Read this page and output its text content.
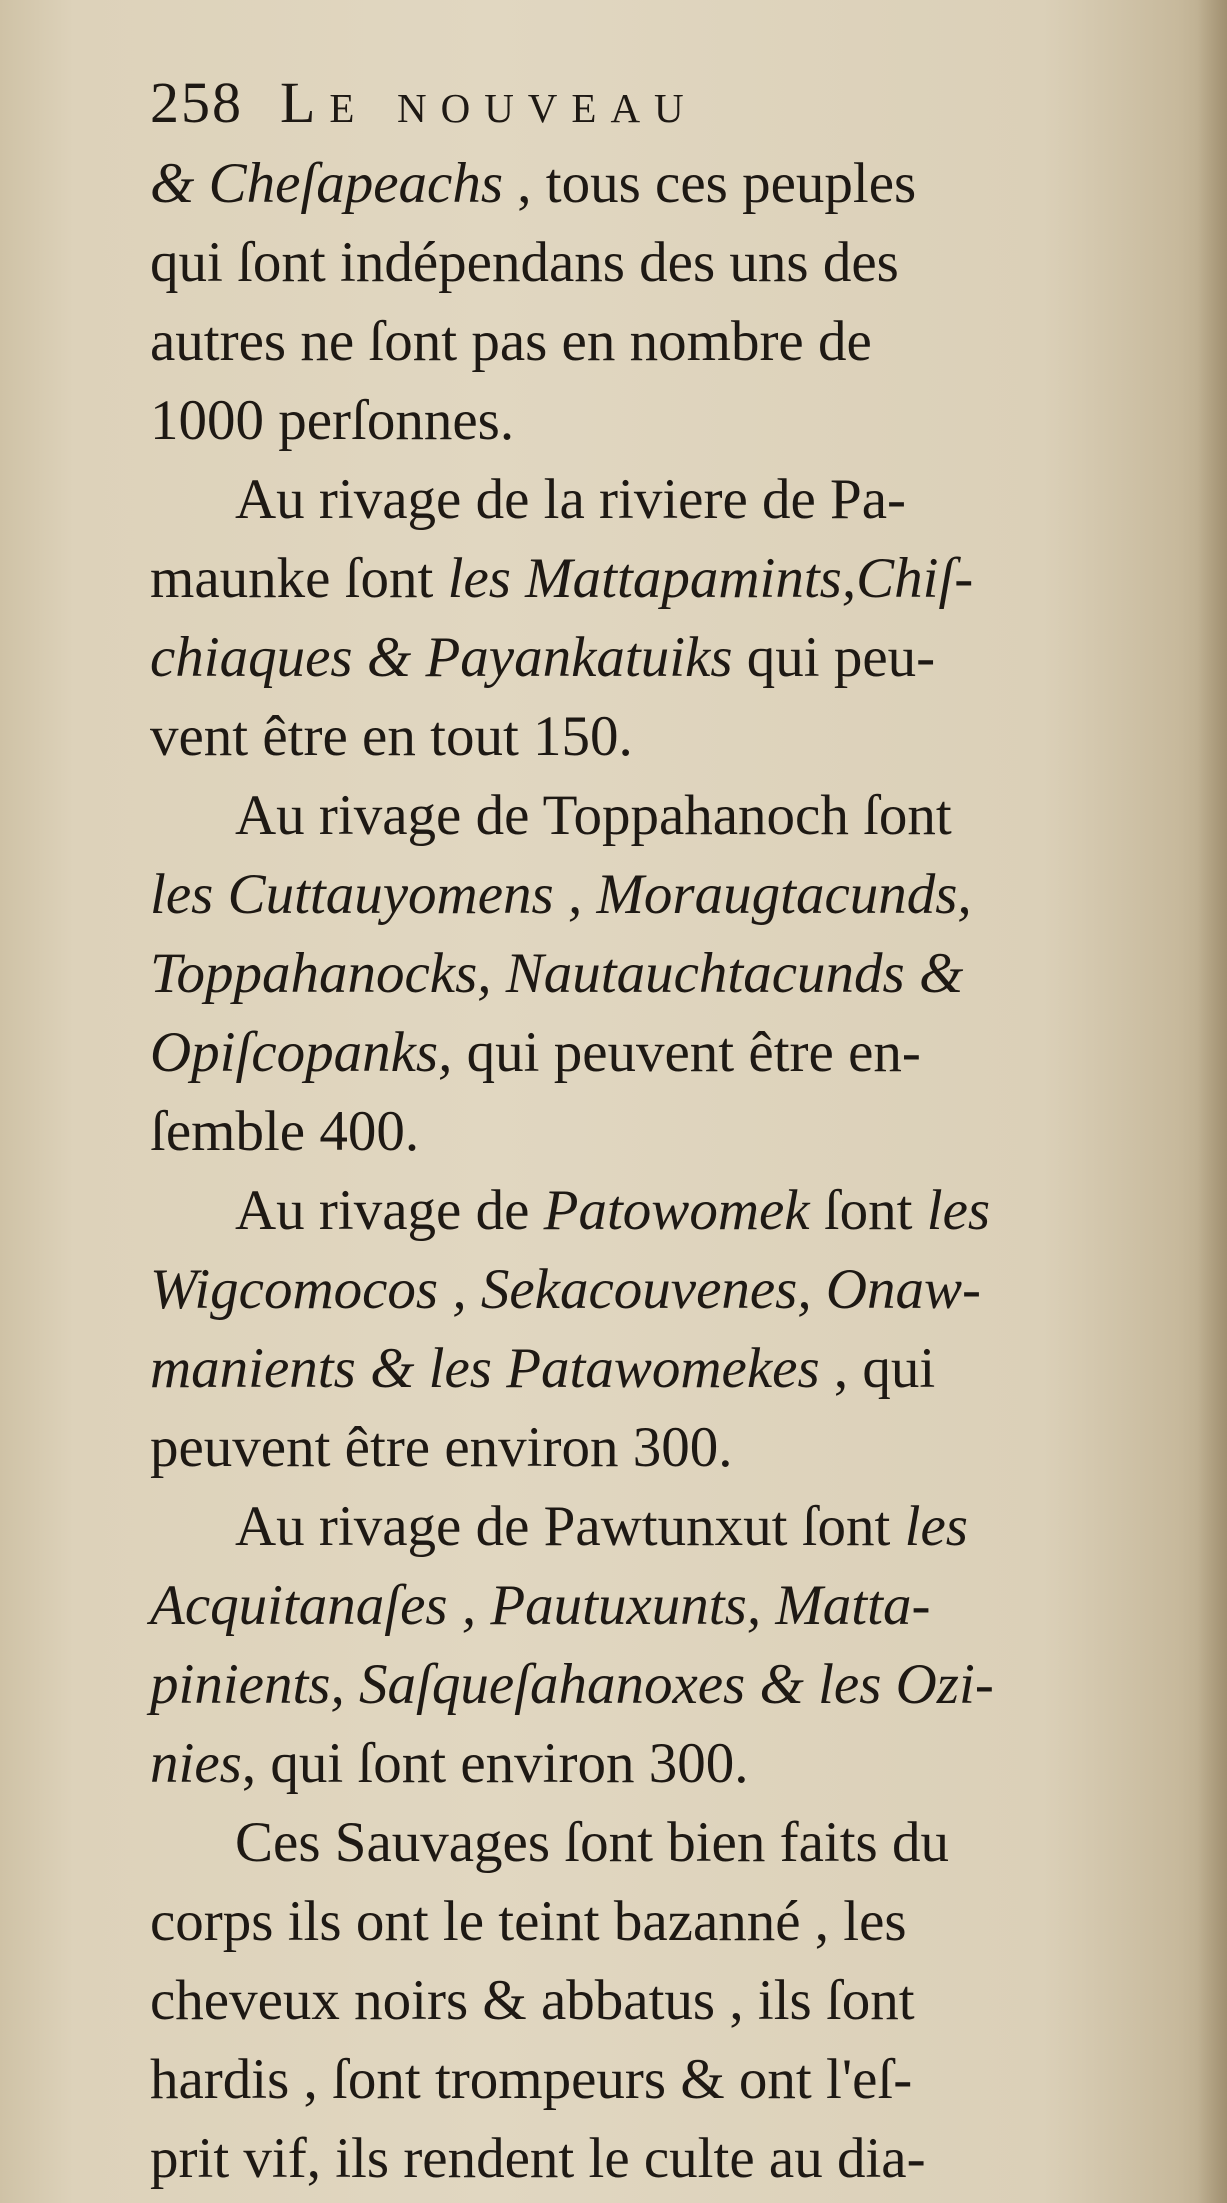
258 Le nouveau
& Cheſapeachs , tous ces peuples
qui ſont indépendans des uns des
autres ne ſont pas en nombre de
1000 perſonnes.
Au rivage de la riviere de Pa-
maunke ſont les Mattapamints,Chiſ-
chiaques & Payankatuiks qui peu-
vent être en tout 150.
Au rivage de Toppahanoch ſont
les Cuttauyomens , Moraugtacunds,
Toppahanocks, Nautauchtacunds &
Opiſcopanks, qui peuvent être en-
ſemble 400.
Au rivage de Patowomek ſont les
Wigcomocos , Sekacouvenes, Onaw-
manients & les Patawomekes , qui
peuvent être environ 300.
Au rivage de Pawtunxut ſont les
Acquitanaſes , Pautuxunts, Matta-
pinients, Saſqueſahanoxes & les Ozi-
nies, qui ſont environ 300.
Ces Sauvages ſont bien faits du
corps ils ont le teint bazanné , les
cheveux noirs & abbatus , ils ſont
hardis , ſont trompeurs & ont l'eſ-
prit vif, ils rendent le culte au dia-
